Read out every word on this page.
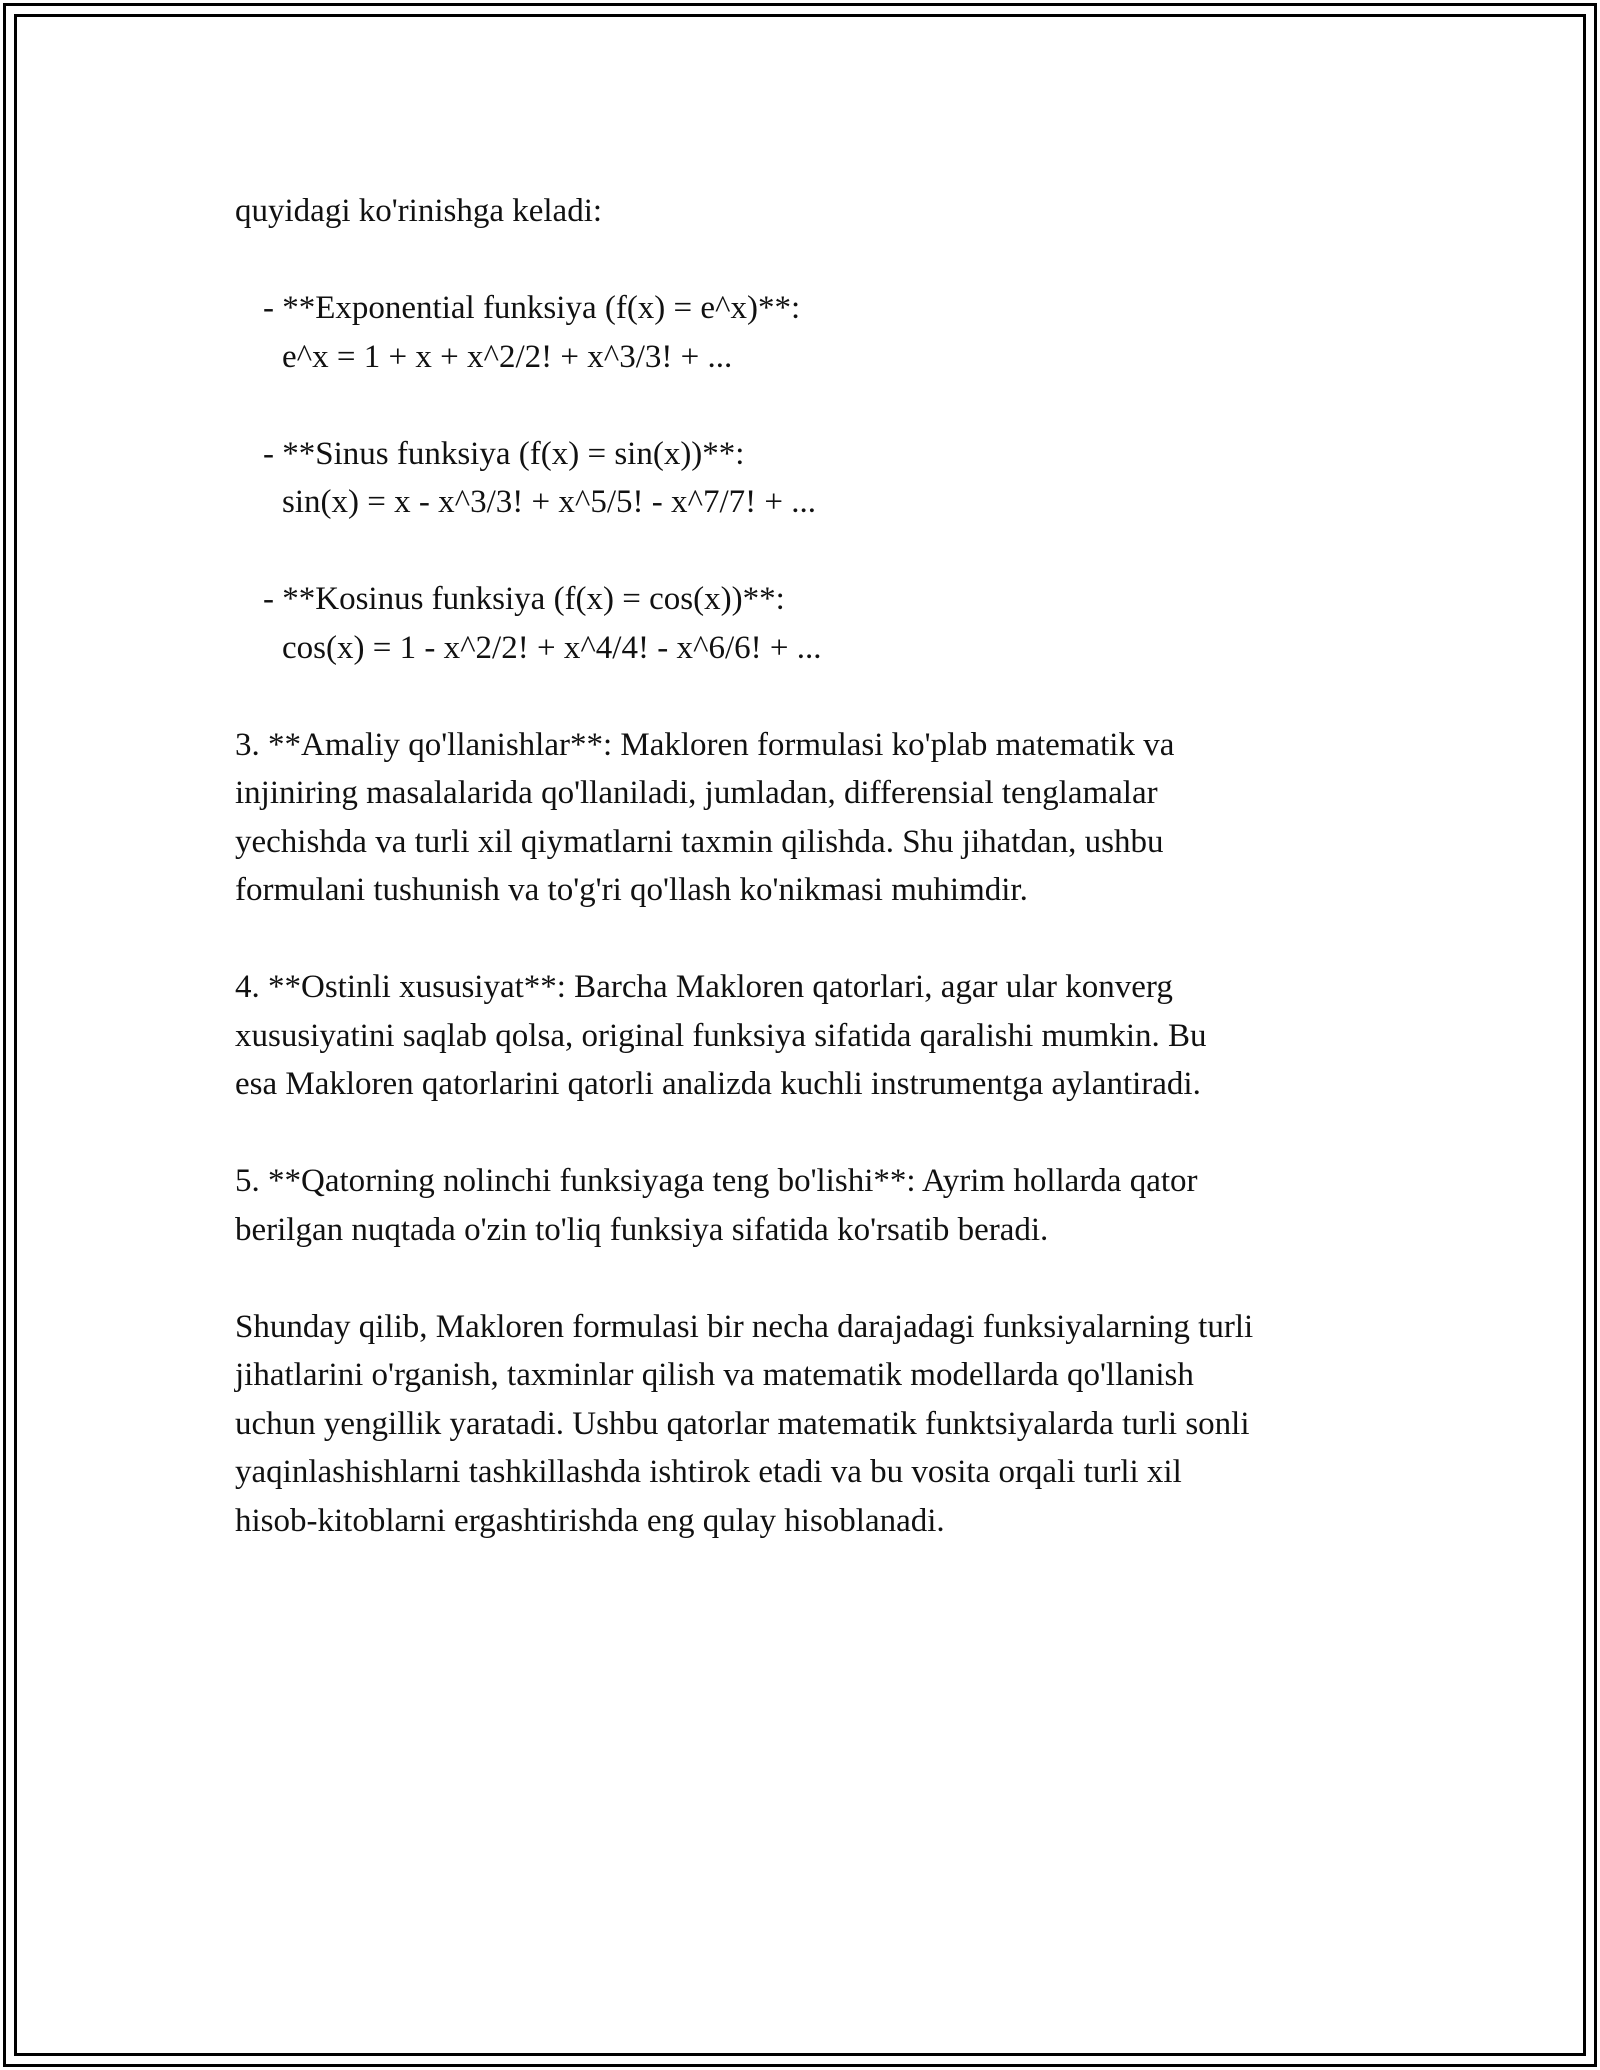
quyidagi ko'rinishga keladi:
- **Exponential funksiya (f(x) = e^x)**:
e^x = 1 + x + x^2/2! + x^3/3! + ...
- **Sinus funksiya (f(x) = sin(x))**:
sin(x) = x - x^3/3! + x^5/5! - x^7/7! + ...
- **Kosinus funksiya (f(x) = cos(x))**:
cos(x) = 1 - x^2/2! + x^4/4! - x^6/6! + ...
3. **Amaliy qo'llanishlar**: Makloren formulasi ko'plab matematik va
injiniring masalalarida qo'llaniladi, jumladan, differensial tenglamalar
yechishda va turli xil qiymatlarni taxmin qilishda. Shu jihatdan, ushbu
formulani tushunish va to'g'ri qo'llash ko'nikmasi muhimdir.
4. **Ostinli xususiyat**: Barcha Makloren qatorlari, agar ular konverg
xususiyatini saqlab qolsa, original funksiya sifatida qaralishi mumkin. Bu
esa Makloren qatorlarini qatorli analizda kuchli instrumentga aylantiradi.
5. **Qatorning nolinchi funksiyaga teng bo'lishi**: Ayrim hollarda qator
berilgan nuqtada o'zin to'liq funksiya sifatida ko'rsatib beradi.
Shunday qilib, Makloren formulasi bir necha darajadagi funksiyalarning turli
jihatlarini o'rganish, taxminlar qilish va matematik modellarda qo'llanish
uchun yengillik yaratadi. Ushbu qatorlar matematik funktsiyalarda turli sonli
yaqinlashishlarni tashkillashda ishtirok etadi va bu vosita orqali turli xil
hisob-kitoblarni ergashtirishda eng qulay hisoblanadi.
